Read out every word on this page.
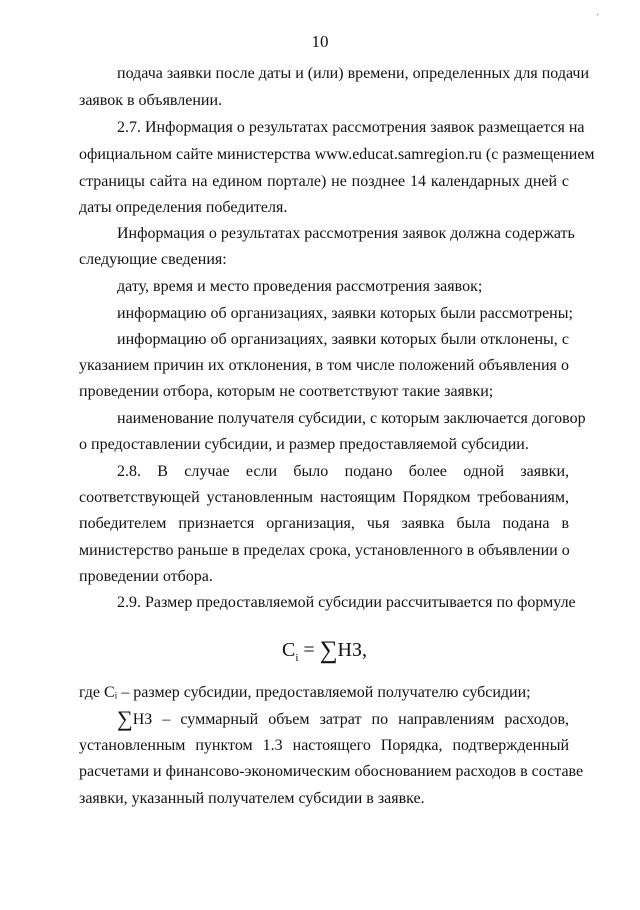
'
10
подача заявки после даты и (или) времени, определенных для подачи
заявок в объявлении.
2.7. Информация о результатах рассмотрения заявок размещается на
официальном сайте министерства www.educat.samregion.ru (с размещением
страницы сайта на едином портале) не позднее 14 календарных дней с
даты определения победителя.
Информация о результатах рассмотрения заявок должна содержать
следующие сведения:
дату, время и место проведения рассмотрения заявок;
информацию об организациях, заявки которых были рассмотрены;
информацию об организациях, заявки которых были отклонены, с
указанием причин их отклонения, в том числе положений объявления о
проведении отбора, которым не соответствуют такие заявки;
наименование получателя субсидии, с которым заключается договор
о предоставлении субсидии, и размер предоставляемой субсидии.
2.8. В случае если было подано более одной заявки,
соответствующей установленным настоящим Порядком требованиям,
победителем признается организация, чья заявка была подана в
министерство раньше в пределах срока, установленного в объявлении о
проведении отбора.
2.9. Размер предоставляемой субсидии рассчитывается по формуле
где Cᵢ – размер субсидии, предоставляемой получателю субсидии;
∑НЗ – суммарный объем затрат по направлениям расходов,
установленным пунктом 1.3 настоящего Порядка, подтвержденный
расчетами и финансово-экономическим обоснованием расходов в составе
заявки, указанный получателем субсидии в заявке.
$C_i = \sum НЗ$,
